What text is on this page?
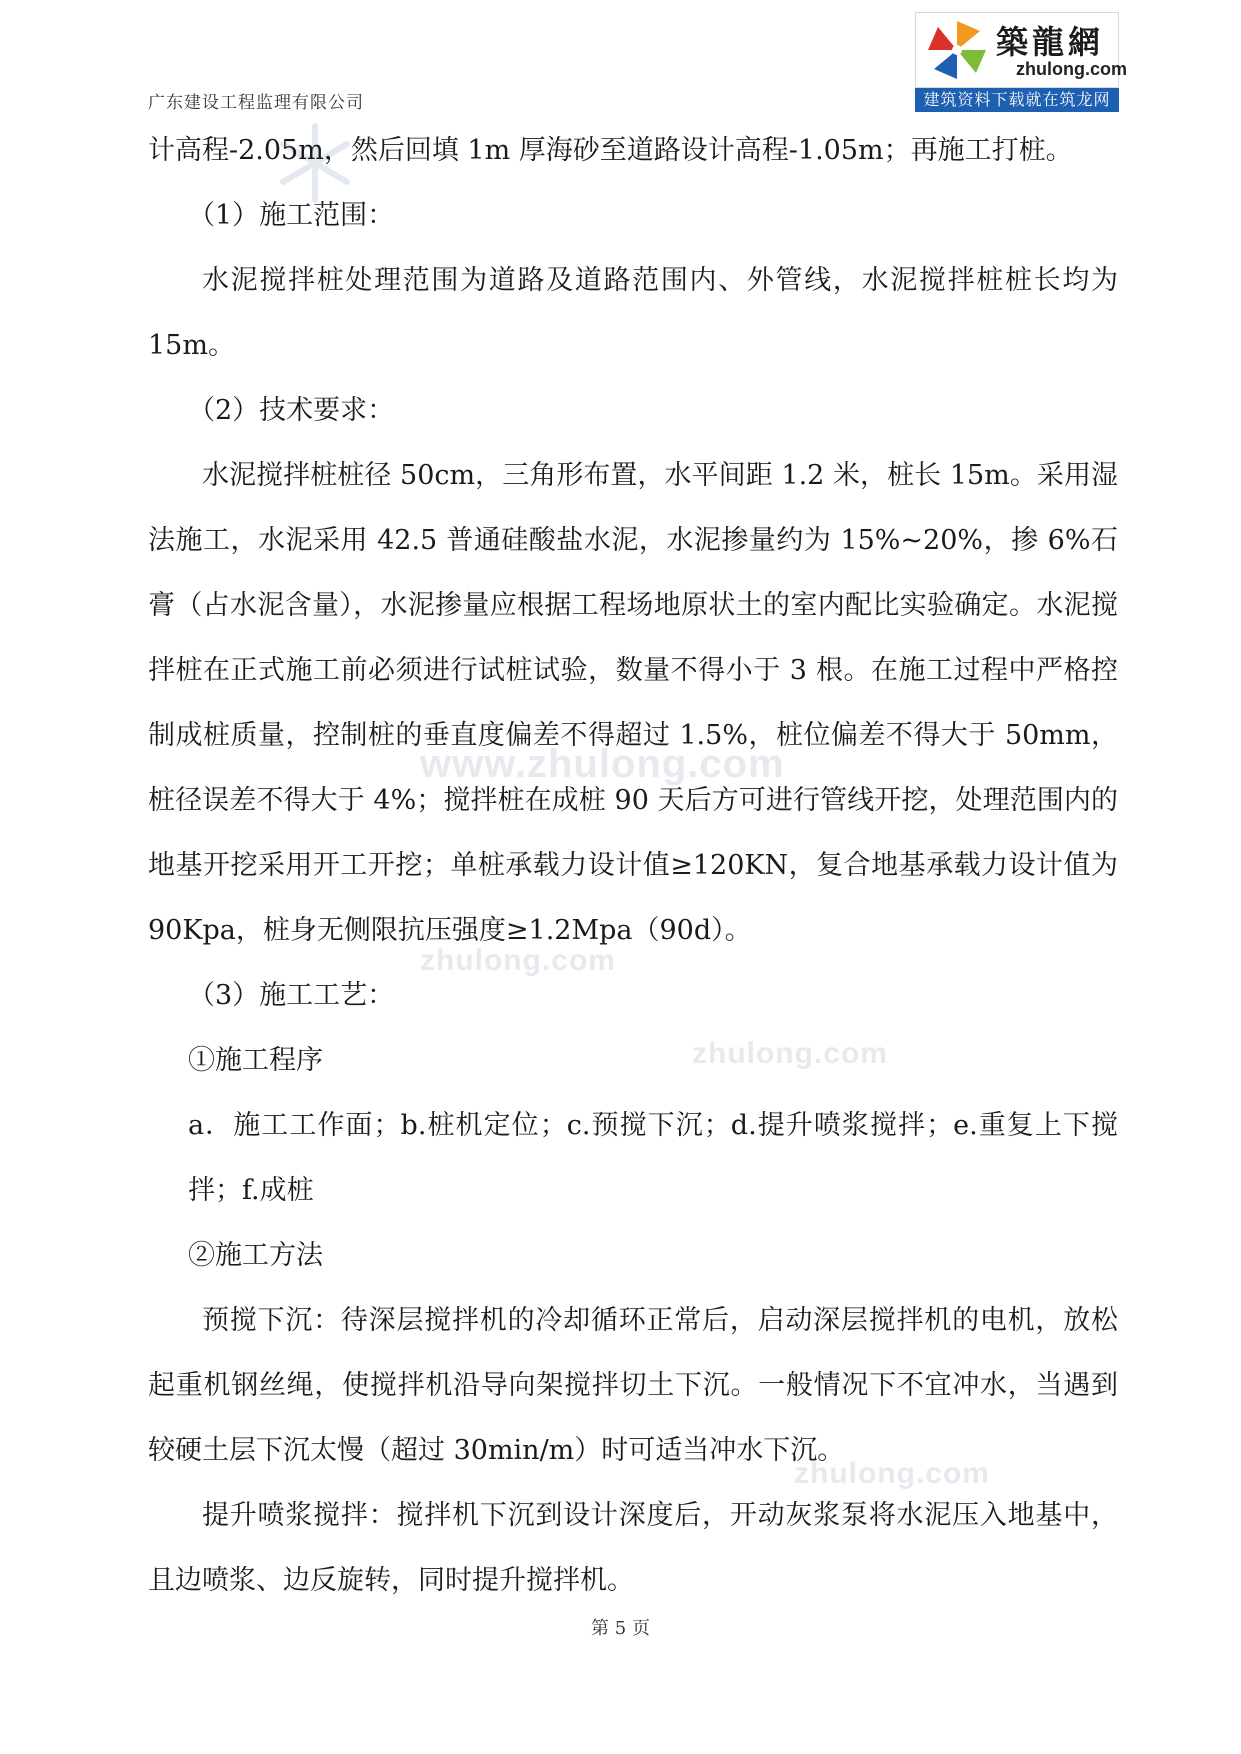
广东建设工程监理有限公司
築龍網
zhulong.com
建筑资料下载就在筑龙网
www.zhulong.com
zhulong.com
zhulong.com
zhulong.com

计高程-2.05m，然后回填 1m 厚海砂至道路设计高程-1.05m；再施工打桩。

（1）施工范围：

水泥搅拌桩处理范围为道路及道路范围内、外管线，水泥搅拌桩桩长均为15m。

（2）技术要求：

水泥搅拌桩桩径 50cm，三角形布置，水平间距 1.2 米，桩长 15m。采用湿法施工，水泥采用 42.5 普通硅酸盐水泥，水泥掺量约为 15%~20%，掺 6%石膏（占水泥含量），水泥掺量应根据工程场地原状土的室内配比实验确定。水泥搅拌桩在正式施工前必须进行试桩试验，数量不得小于 3 根。在施工过程中严格控制成桩质量，控制桩的垂直度偏差不得超过 1.5%，桩位偏差不得大于 50mm，桩径误差不得大于 4%；搅拌桩在成桩 90 天后方可进行管线开挖，处理范围内的地基开挖采用开工开挖；单桩承载力设计值≥120KN，复合地基承载力设计值为 90Kpa，桩身无侧限抗压强度≥1.2Mpa（90d）。

（3）施工工艺：

①施工程序

a．施工工作面；b.桩机定位；c.预搅下沉；d.提升喷浆搅拌；e.重复上下搅拌；f.成桩

②施工方法

预搅下沉：待深层搅拌机的冷却循环正常后，启动深层搅拌机的电机，放松起重机钢丝绳，使搅拌机沿导向架搅拌切土下沉。一般情况下不宜冲水，当遇到较硬土层下沉太慢（超过 30min/m）时可适当冲水下沉。

提升喷浆搅拌：搅拌机下沉到设计深度后，开动灰浆泵将水泥压入地基中，且边喷浆、边反旋转，同时提升搅拌机。

第 5 页
